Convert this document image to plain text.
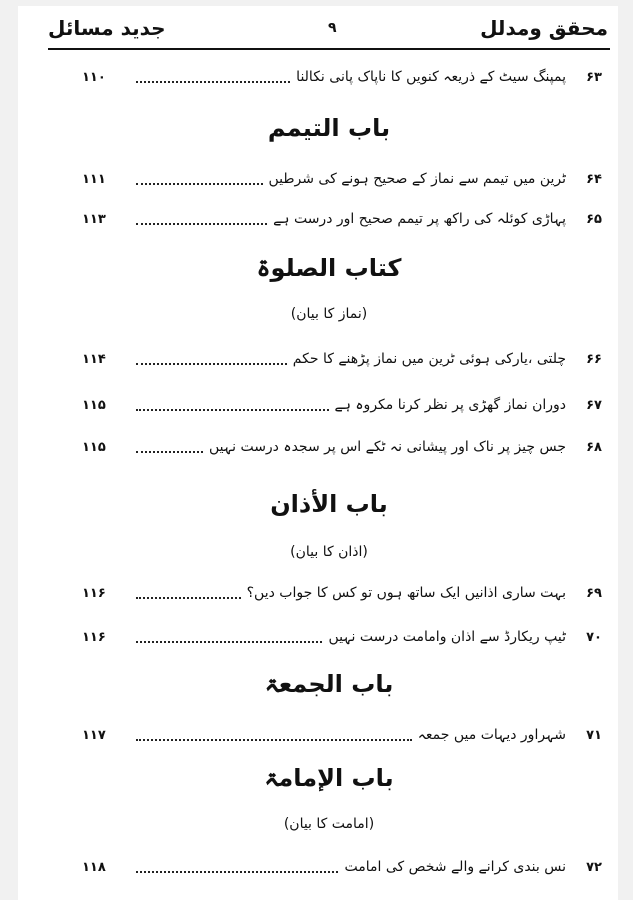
محقق ومدلل
۹
جدید مسائل
۶۳
پمپنگ سیٹ کے ذریعہ کنویں کا ناپاک پانی نکالنا
۱۱۰
باب التیمم
۶۴
ٹرین میں تیمم سے نماز کے صحیح ہونے کی شرطیں
۱۱۱
۶۵
پہاڑی کوئلہ کی راکھ پر تیمم صحیح اور درست ہے
۱۱۳
کتاب الصلوۃ
(نماز کا بیان)
۶۶
چلتی ،یارکی ہوئی ٹرین میں نماز پڑھنے کا حکم
۱۱۴
۶۷
دوران نماز گھڑی پر نظر کرنا مکروہ ہے
۱۱۵
۶۸
جس چیز پر ناک اور پیشانی نہ ٹکے اس پر سجدہ درست نہیں
۱۱۵
باب الأذان
(اذان کا بیان)
۶۹
بہت ساری اذانیں ایک ساتھ ہوں تو کس کا جواب دیں؟
۱۱۶
۷۰
ٹیپ ریکارڈ سے اذان وامامت درست نہیں
۱۱۶
باب الجمعۃ
۷۱
شہراور دیہات میں جمعہ
۱۱۷
باب الإمامۃ
(امامت کا بیان)
۷۲
نس بندی کرانے والے شخص کی امامت
۱۱۸
